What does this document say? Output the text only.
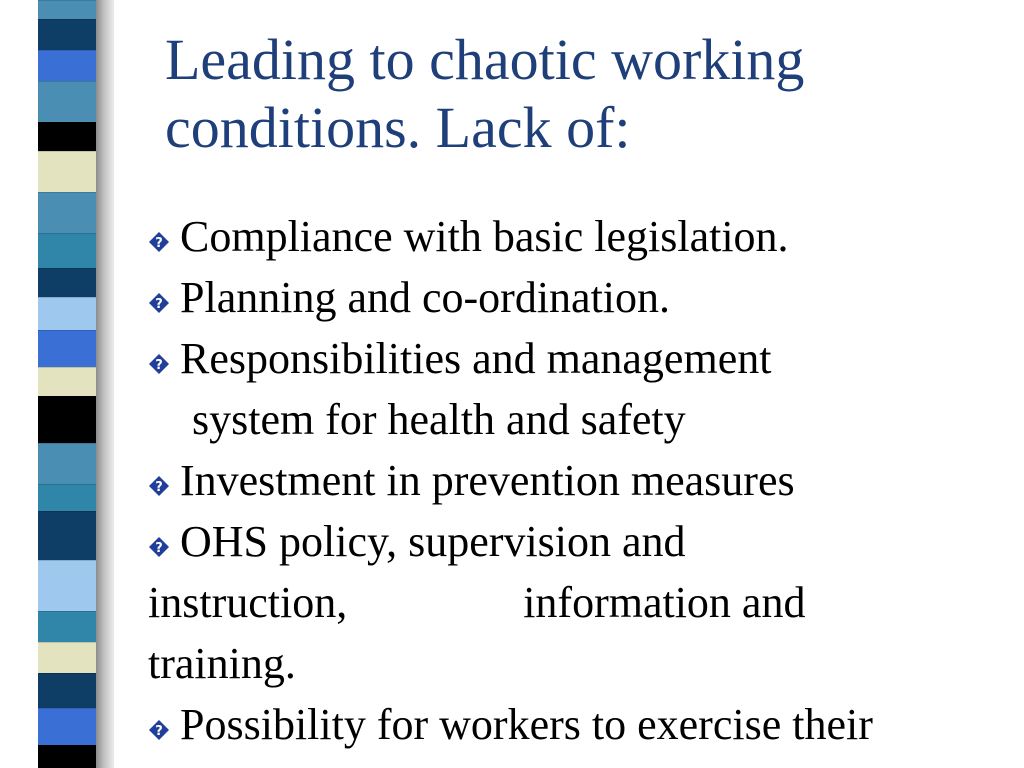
Leading to chaotic working
conditions. Lack of:
? Compliance with basic legislation.
? Planning and co-ordination.
? Responsibilities and management
system for health and safety
? Investment in prevention measures
? OHS policy, supervision and
instruction,	information and
training.
? Possibility for workers to exercise their
